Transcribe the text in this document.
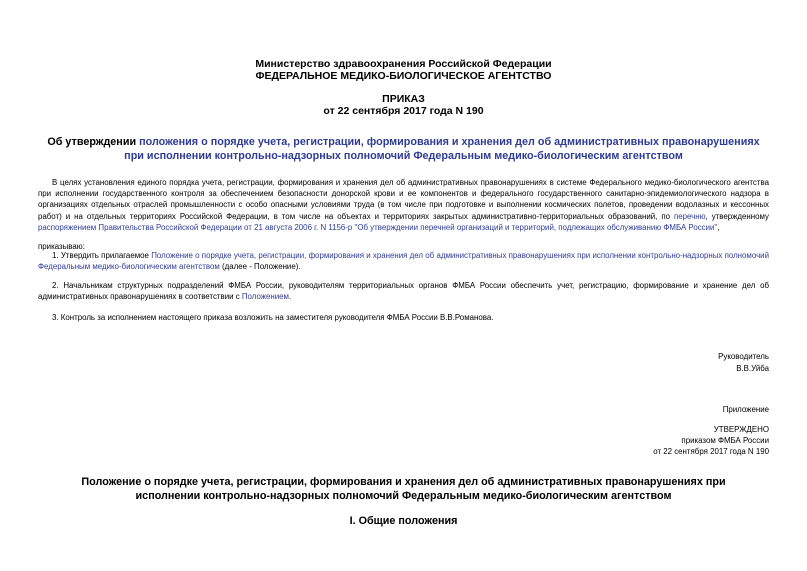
Министерство здравоохранения Российской Федерации
ФЕДЕРАЛЬНОЕ МЕДИКО-БИОЛОГИЧЕСКОЕ АГЕНТСТВО
ПРИКАЗ
от 22 сентября 2017 года N 190
Об утверждении положения о порядке учета, регистрации, формирования и хранения дел об административных правонарушениях при исполнении контрольно-надзорных полномочий Федеральным медико-биологическим агентством
В целях установления единого порядка учета, регистрации, формирования и хранения дел об административных правонарушениях в системе Федерального медико-биологического агентства при исполнении государственного контроля за обеспечением безопасности донорской крови и ее компонентов и федерального государственного санитарно-эпидемиологического надзора в организациях отдельных отраслей промышленности с особо опасными условиями труда (в том числе при подготовке и выполнении космических полетов, проведении водолазных и кессонных работ) и на отдельных территориях Российской Федерации, в том числе на объектах и территориях закрытых административно-территориальных образований, по перечню, утвержденному распоряжением Правительства Российской Федерации от 21 августа 2006 г. N 1156-р "Об утверждении перечней организаций и территорий, подлежащих обслуживанию ФМБА России",
приказываю:
1. Утвердить прилагаемое Положение о порядке учета, регистрации, формирования и хранения дел об административных правонарушениях при исполнении контрольно-надзорных полномочий Федеральным медико-биологическим агентством (далее - Положение).
2. Начальникам структурных подразделений ФМБА России, руководителям территориальных органов ФМБА России обеспечить учет, регистрацию, формирование и хранение дел об административных правонарушениях в соответствии с Положением.
3. Контроль за исполнением настоящего приказа возложить на заместителя руководителя ФМБА России В.В.Романова.
Руководитель
В.В.Уйба
Приложение
УТВЕРЖДЕНО
приказом ФМБА России
от 22 сентября 2017 года N 190
Положение о порядке учета, регистрации, формирования и хранения дел об административных правонарушениях при исполнении контрольно-надзорных полномочий Федеральным медико-биологическим агентством
I. Общие положения
